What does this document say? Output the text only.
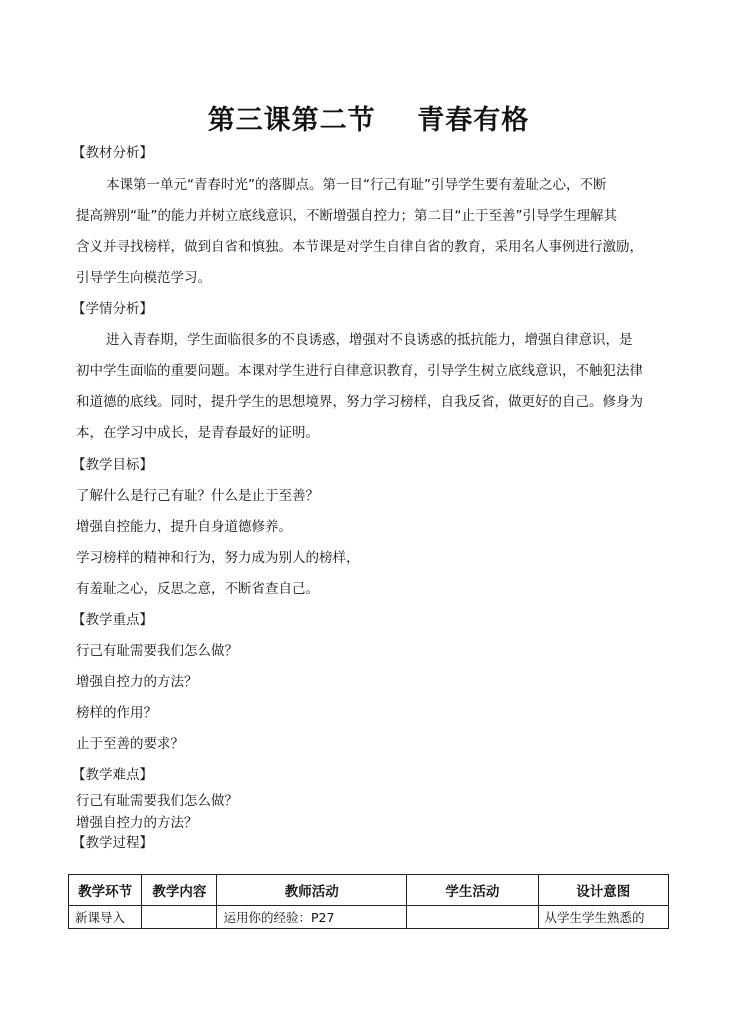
第三课第二节    青春有格
【教材分析】
本课第一单元“青春时光”的落脚点。第一目“行己有耻”引导学生要有羞耻之心，不断
提高辨别“耻”的能力并树立底线意识，不断增强自控力；第二目“止于至善”引导学生理解其
含义并寻找榜样，做到自省和慎独。本节课是对学生自律自省的教育，采用名人事例进行激励，
引导学生向模范学习。
【学情分析】
进入青春期，学生面临很多的不良诱惑，增强对不良诱惑的抵抗能力，增强自律意识，是
初中学生面临的重要问题。本课对学生进行自律意识教育，引导学生树立底线意识，不触犯法律
和道德的底线。同时，提升学生的思想境界，努力学习榜样，自我反省，做更好的自己。修身为
本，在学习中成长，是青春最好的证明。
【教学目标】
了解什么是行己有耻？什么是止于至善？
增强自控能力，提升自身道德修养。
学习榜样的精神和行为，努力成为别人的榜样，
有羞耻之心，反思之意，不断省查自己。
【教学重点】
行己有耻需要我们怎么做？
增强自控力的方法？
榜样的作用？
止于至善的要求？
【教学难点】
行己有耻需要我们怎么做？
增强自控力的方法？
【教学过程】
教学环节	教学内容	教师活动	学生活动	设计意图
新课导入		运用你的经验：P27		从学生学生熟悉的
